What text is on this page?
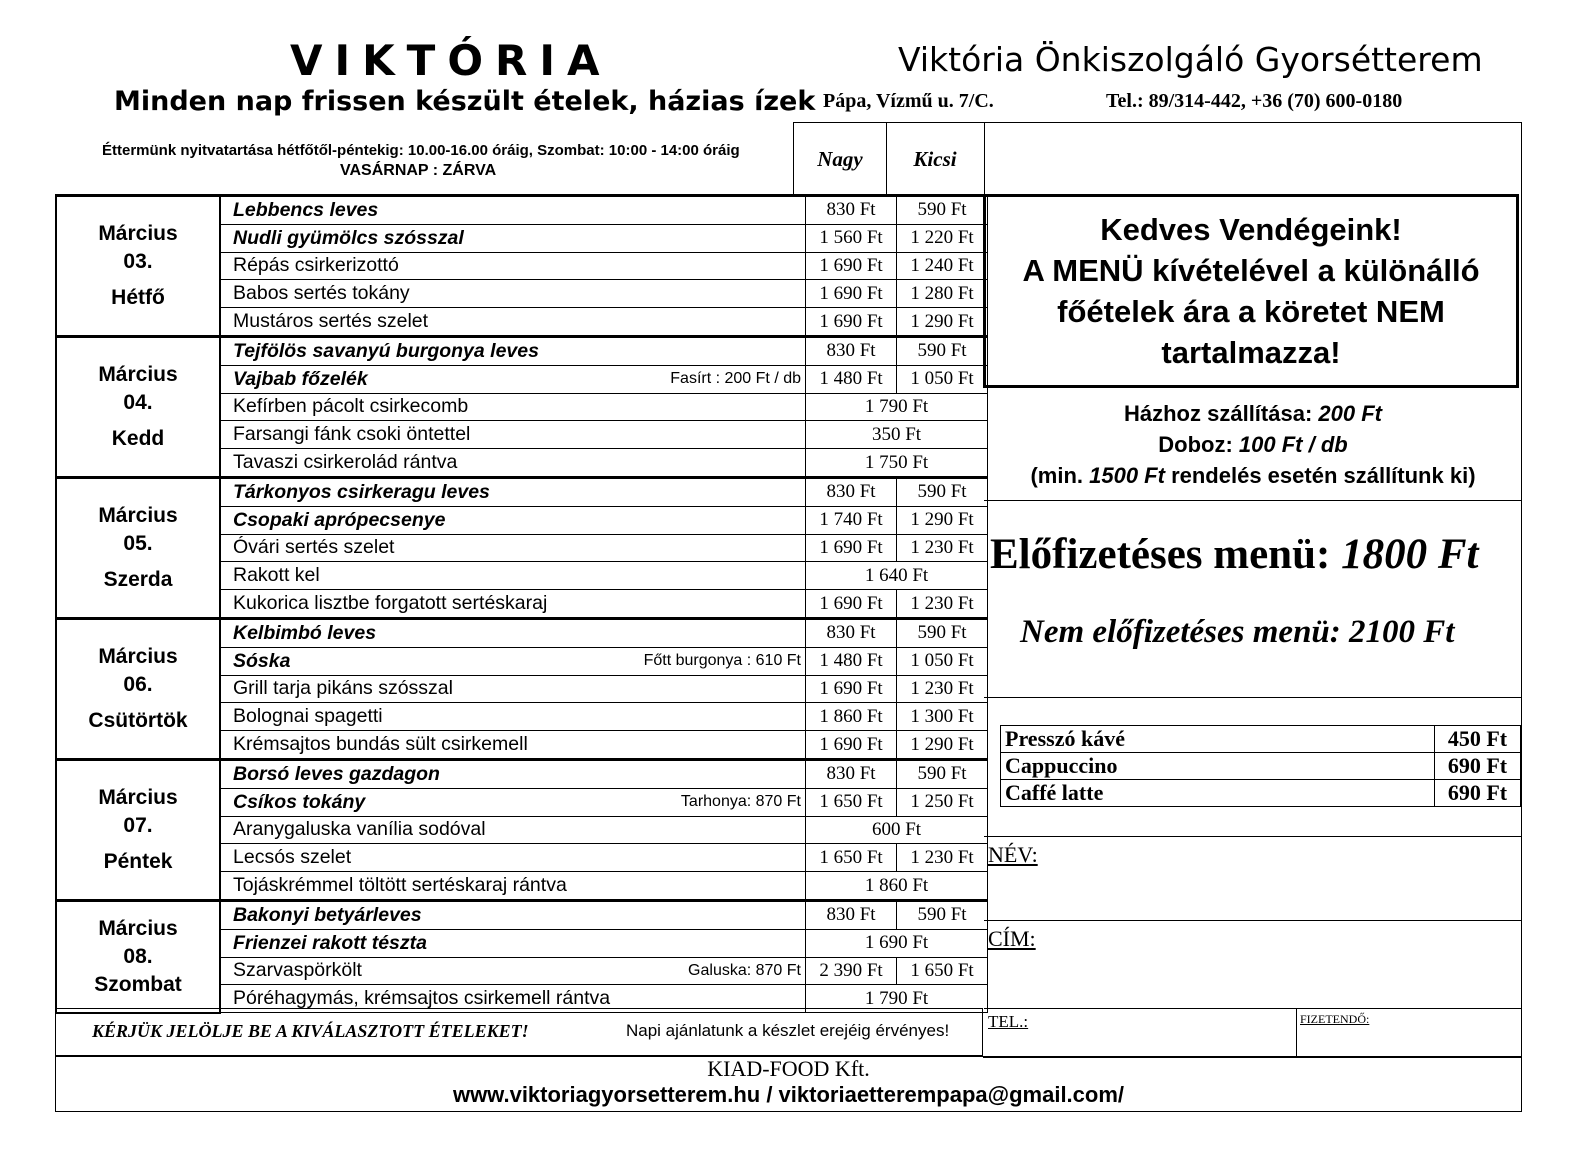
VIKTÓRIA
Minden nap frissen készült ételek, házias ízek
Éttermünk nyitvatartása hétfőtől-péntekig: 10.00-16.00 óráig, Szombat: 10:00 - 14:00 óráig
VASÁRNAP : ZÁRVA
Viktória Önkiszolgáló Gyorsétterem
Pápa, Vízmű u. 7/C.	Tel.: 89/314-442, +36 (70) 600-0180
Nagy	Kicsi
Március
03.
Hétfő	Lebbencs leves	830 Ft	590 Ft
	Nudli gyümölcs szósszal	1 560 Ft	1 220 Ft
	Répás csirkerizottó	1 690 Ft	1 240 Ft
	Babos sertés tokány	1 690 Ft	1 280 Ft
	Mustáros sertés szelet	1 690 Ft	1 290 Ft

Március
04.
Kedd	Tejfölös savanyú burgonya leves	830 Ft	590 Ft
	Vajbab főzelék Fasírt : 200 Ft / db	1 480 Ft	1 050 Ft
	Kefírben pácolt csirkecomb	1 790 Ft	
	Farsangi fánk csoki öntettel	350 Ft	
	Tavaszi csirkerolád rántva	1 750 Ft	

Március
05.
Szerda	Tárkonyos csirkeragu leves	830 Ft	590 Ft
	Csopaki aprópecsenye	1 740 Ft	1 290 Ft
	Óvári sertés szelet	1 690 Ft	1 230 Ft
	Rakott kel	1 640 Ft	
	Kukorica lisztbe forgatott sertéskaraj	1 690 Ft	1 230 Ft

Március
06.
Csütörtök	Kelbimbó leves	830 Ft	590 Ft
	Sóska Főtt burgonya : 610 Ft	1 480 Ft	1 050 Ft
	Grill tarja pikáns szósszal	1 690 Ft	1 230 Ft
	Bolognai spagetti	1 860 Ft	1 300 Ft
	Krémsajtos bundás sült csirkemell	1 690 Ft	1 290 Ft

Március
07.
Péntek	Borsó leves gazdagon	830 Ft	590 Ft
	Csíkos tokány Tarhonya: 870 Ft	1 650 Ft	1 250 Ft
	Aranygaluska vanília sodóval	600 Ft	
	Lecsós szelet	1 650 Ft	1 230 Ft
	Tojáskrémmel töltött sertéskaraj rántva	1 860 Ft	

Március
08.
Szombat	Bakonyi betyárleves	830 Ft	590 Ft
	Frienzei rakott tészta	1 690 Ft	
	Szarvaspörkölt Galuska: 870 Ft	2 390 Ft	1 650 Ft
	Póréhagymás, krémsajtos csirkemell rántva	1 790 Ft	
Kedves Vendégeink!
A MENÜ kívételével a különálló
főételek ára a köretet NEM
tartalmazza!
Házhoz szállítása: 200 Ft
Doboz: 100 Ft / db
(min. 1500 Ft rendelés esetén szállítunk ki)
Előfizetéses menü: 1800 Ft
Nem előfizetéses menü: 2100 Ft
Presszó kávé	450 Ft
Cappuccino	690 Ft
Caffé latte	690 Ft
NÉV:
CÍM:
TEL.:	FIZETENDŐ:
KÉRJÜK JELÖLJE BE A KIVÁLASZTOTT ÉTELEKET!	Napi ajánlatunk a készlet erejéig érvényes!
KIAD-FOOD Kft.
www.viktoriagyorsetterem.hu / viktoriaetterempapa@gmail.com/
